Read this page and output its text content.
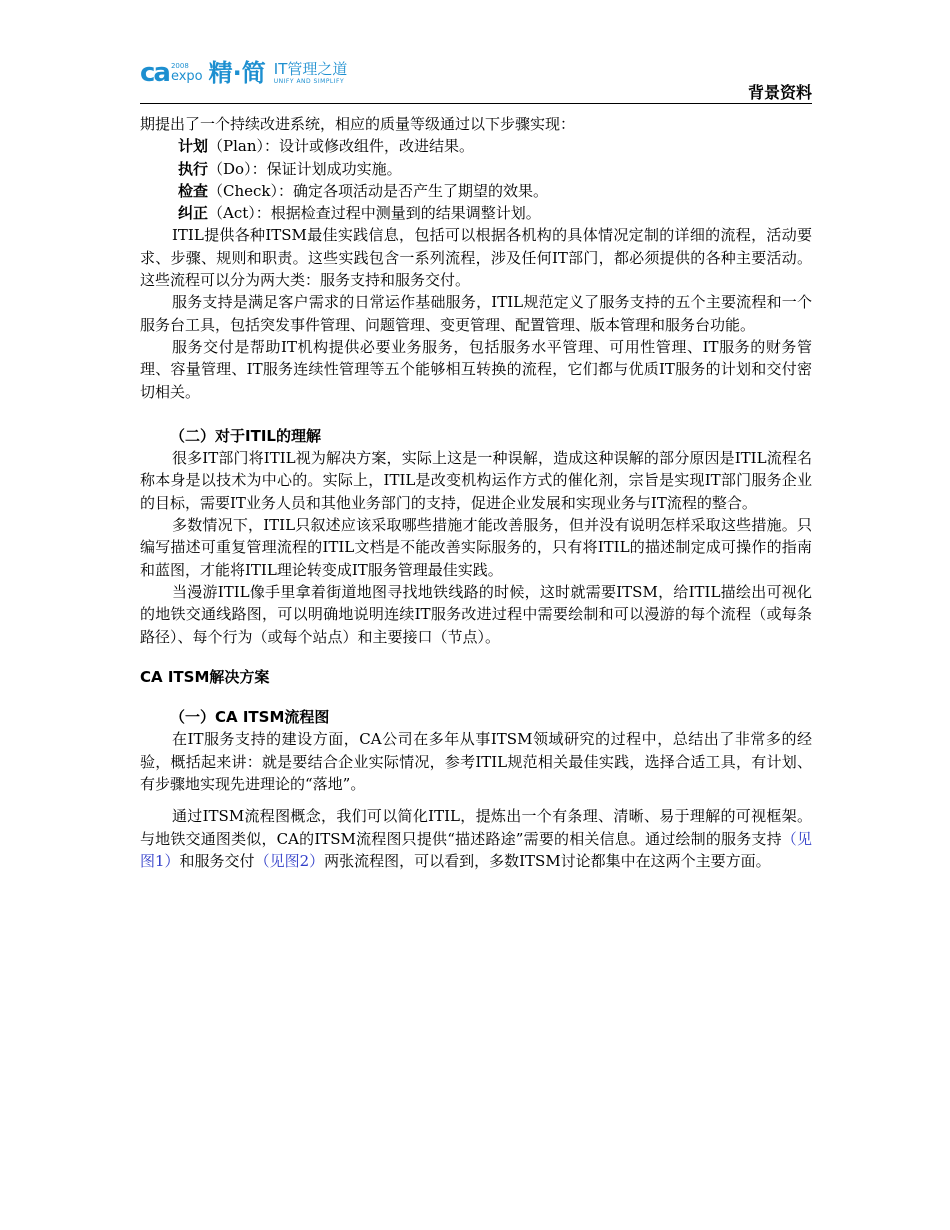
ca 2008
expo 精·简 IT管理之道
UNIFY AND SIMPLIFY
背景资料

期提出了一个持续改进系统，相应的质量等级通过以下步骤实现：

计划（Plan）：设计或修改组件，改进结果。

执行（Do）：保证计划成功实施。

检查（Check）：确定各项活动是否产生了期望的效果。

纠正（Act）：根据检查过程中测量到的结果调整计划。

ITIL提供各种ITSM最佳实践信息，包括可以根据各机构的具体情况定制的详细的流程，活动要求、步骤、规则和职责。这些实践包含一系列流程，涉及任何IT部门，都必须提供的各种主要活动。这些流程可以分为两大类：服务支持和服务交付。

服务支持是满足客户需求的日常运作基础服务，ITIL规范定义了服务支持的五个主要流程和一个服务台工具，包括突发事件管理、问题管理、变更管理、配置管理、版本管理和服务台功能。

服务交付是帮助IT机构提供必要业务服务，包括服务水平管理、可用性管理、IT服务的财务管理、容量管理、IT服务连续性管理等五个能够相互转换的流程，它们都与优质IT服务的计划和交付密切相关。

（二）对于ITIL的理解

很多IT部门将ITIL视为解决方案，实际上这是一种误解，造成这种误解的部分原因是ITIL流程名称本身是以技术为中心的。实际上，ITIL是改变机构运作方式的催化剂，宗旨是实现IT部门服务企业的目标，需要IT业务人员和其他业务部门的支持，促进企业发展和实现业务与IT流程的整合。

多数情况下，ITIL只叙述应该采取哪些措施才能改善服务，但并没有说明怎样采取这些措施。只编写描述可重复管理流程的ITIL文档是不能改善实际服务的，只有将ITIL的描述制定成可操作的指南和蓝图，才能将ITIL理论转变成IT服务管理最佳实践。

当漫游ITIL像手里拿着街道地图寻找地铁线路的时候，这时就需要ITSM，给ITIL描绘出可视化的地铁交通线路图，可以明确地说明连续IT服务改进过程中需要绘制和可以漫游的每个流程（或每条路径）、每个行为（或每个站点）和主要接口（节点）。

CA ITSM解决方案

（一）CA ITSM流程图

在IT服务支持的建设方面，CA公司在多年从事ITSM领域研究的过程中，总结出了非常多的经验，概括起来讲：就是要结合企业实际情况，参考ITIL规范相关最佳实践，选择合适工具，有计划、有步骤地实现先进理论的“落地”。

通过ITSM流程图概念，我们可以简化ITIL，提炼出一个有条理、清晰、易于理解的可视框架。与地铁交通图类似，CA的ITSM流程图只提供“描述路途”需要的相关信息。通过绘制的服务支持（见图1）和服务交付（见图2）两张流程图，可以看到，多数ITSM讨论都集中在这两个主要方面。
